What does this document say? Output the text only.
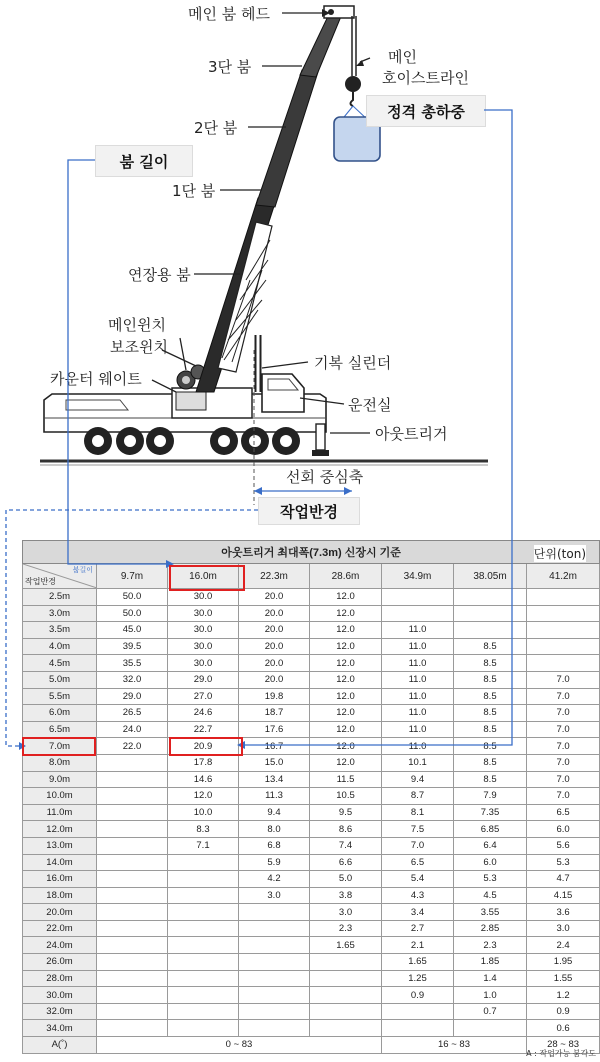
메인 붐 헤드
3단 붐
2단 붐
1단 붐
연장용 붐
메인윈치
보조윈치
카운터 웨이트
메인
호이스트라인
기복 실린더
운전실
아웃트리거
선회 중심축
정격 총하중
붐 길이
작업반경
아웃트리거 최대폭(7.3m) 신장시 기준							

붐길이
작업반경	9.7m	16.0m	22.3m	28.6m	34.9m	38.05m	41.2m
2.5m	50.0	30.0	20.0	12.0			
3.0m	50.0	30.0	20.0	12.0			
3.5m	45.0	30.0	20.0	12.0	11.0		
4.0m	39.5	30.0	20.0	12.0	11.0	8.5	
4.5m	35.5	30.0	20.0	12.0	11.0	8.5	
5.0m	32.0	29.0	20.0	12.0	11.0	8.5	7.0
5.5m	29.0	27.0	19.8	12.0	11.0	8.5	7.0
6.0m	26.5	24.6	18.7	12.0	11.0	8.5	7.0
6.5m	24.0	22.7	17.6	12.0	11.0	8.5	7.0
7.0m	22.0	20.9	16.7	12.0	11.0	8.5	7.0
8.0m		17.8	15.0	12.0	10.1	8.5	7.0
9.0m		14.6	13.4	11.5	9.4	8.5	7.0
10.0m		12.0	11.3	10.5	8.7	7.9	7.0
11.0m		10.0	9.4	9.5	8.1	7.35	6.5
12.0m		8.3	8.0	8.6	7.5	6.85	6.0
13.0m		7.1	6.8	7.4	7.0	6.4	5.6
14.0m			5.9	6.6	6.5	6.0	5.3
16.0m			4.2	5.0	5.4	5.3	4.7
18.0m			3.0	3.8	4.3	4.5	4.15
20.0m				3.0	3.4	3.55	3.6
22.0m				2.3	2.7	2.85	3.0
24.0m				1.65	2.1	2.3	2.4
26.0m					1.65	1.85	1.95
28.0m					1.25	1.4	1.55
30.0m					0.9	1.0	1.2
32.0m						0.7	0.9
34.0m							0.6
A(˚)	0 ~ 83				16 ~ 83		28 ~ 83
단위(ton)
A : 작업가능 붐각도
